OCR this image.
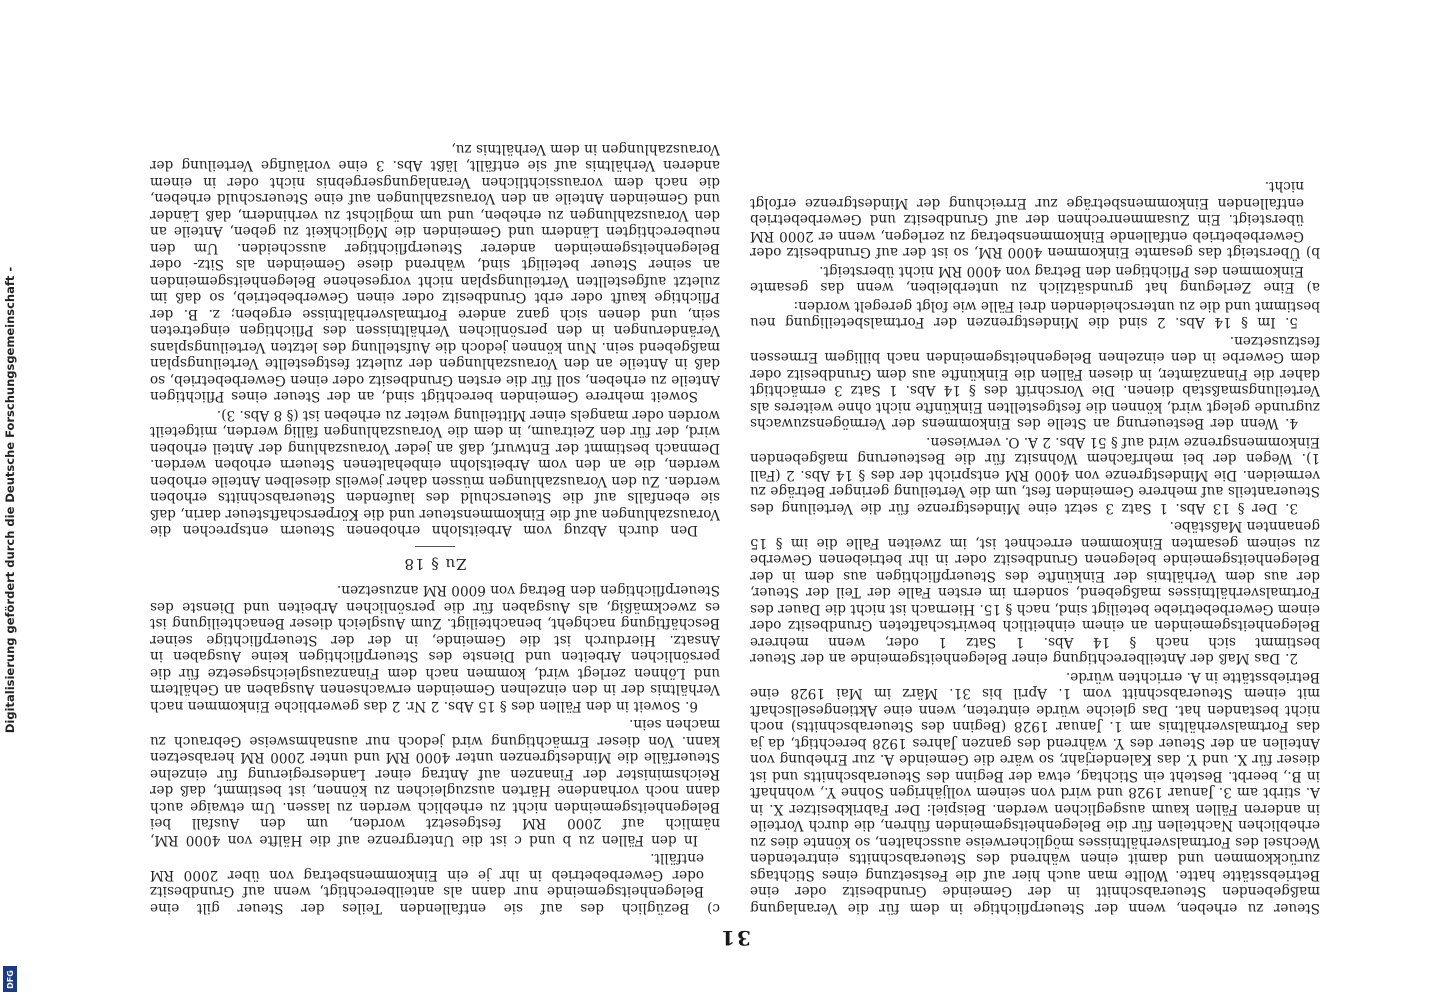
Digitalisierung gefördert durch die Deutsche Forschungsgemeinschaft -
DFG
31

Steuer zu erheben, wenn der Steuerpflichtige in dem für die Veranlagung maßgebenden Steuerabschnitt in der Gemeinde Grundbesitz oder eine Betriebsstätte hatte. Wollte man auch hier auf die Festsetzung eines Stichtags zurückkommen und damit einen während des Steuerabschnitts eintretenden Wechsel des Fortmalsverhältnisses möglicherweise ausschalten, so könnte dies zu erheblichen Nachteilen für die Belegenheitsgemeinden führen, die durch Vorteile in anderen Fällen kaum ausgeglichen werden. Beispiel: Der Fabrikbesitzer X. in A. stirbt am 3. Januar 1928 und wird von seinem volljährigen Sohne Y., wohnhaft in B., beerbt. Besteht ein Stichtag, etwa der Beginn des Steuerabschnitts und ist dieser für X. und Y. das Kalenderjahr, so wäre die Gemeinde A. zur Erhebung von Anteilen an der Steuer des Y. während des ganzen Jahres 1928 berechtigt, da ja das Fortmalsverhältnis am 1. Januar 1928 (Beginn des Steuerabschnitts) noch nicht bestanden hat. Das gleiche würde eintreten, wenn eine Aktiengesellschaft mit einem Steuerabschnitt vom 1. April bis 31. März im Mai 1928 eine Betriebsstätte in A. errichten würde.

2. Das Maß der Anteilberechtigung einer Belegenheitsgemeinde an der Steuer bestimmt sich nach § 14 Abs. 1 Satz 1 oder, wenn mehrere Belegenheitsgemeinden an einem einheitlich bewirtschafteten Grundbesitz oder einem Gewerbebetriebe beteiligt sind, nach § 15. Hiernach ist nicht die Dauer des Fortmalsverhältnisses maßgebend, sondern im ersten Falle der Teil der Steuer, der aus dem Verhältnis der Einkünfte des Steuerpflichtigen aus dem in der Belegenheitsgemeinde belegenen Grundbesitz oder in ihr betriebenen Gewerbe zu seinem gesamten Einkommen errechnet ist, im zweiten Falle die im § 15 genannten Maßstäbe.

3. Der § 13 Abs. 1 Satz 3 setzt eine Mindestgrenze für die Verteilung des Steueranteils auf mehrere Gemeinden fest, um die Verteilung geringer Beträge zu vermeiden. Die Mindestgrenze von 4000 RM entspricht der des § 14 Abs. 2 (Fall 1). Wegen der bei mehrfachem Wohnsitz für die Besteuerung maßgebenden Einkommensgrenze wird auf § 51 Abs. 2 A. O. verwiesen.

4. Wenn der Besteuerung an Stelle des Einkommens der Vermögenszuwachs zugrunde gelegt wird, können die festgestellten Einkünfte nicht ohne weiteres als Verteilungsmaßstab dienen. Die Vorschrift des § 14 Abs. 1 Satz 3 ermächtigt daher die Finanzämter, in diesen Fällen die Einkünfte aus dem Grundbesitz oder dem Gewerbe in den einzelnen Belegenheitsgemeinden nach billigem Ermessen festzusetzen.

5. Im § 14 Abs. 2 sind die Mindestgrenzen der Fortmalsbeteiligung neu bestimmt und die zu unterscheidenden drei Fälle wie folgt geregelt worden:

a) Eine Zerlegung hat grundsätzlich zu unterbleiben, wenn das gesamte Einkommen des Pflichtigen den Betrag von 4000 RM nicht übersteigt.

b) Übersteigt das gesamte Einkommen 4000 RM, so ist der auf Grundbesitz oder Gewerbebetrieb entfallende Einkommensbetrag zu zerlegen, wenn er 2000 RM übersteigt. Ein Zusammenrechnen der auf Grundbesitz und Gewerbebetrieb entfallenden Einkommensbeträge zur Erreichung der Mindestgrenze erfolgt nicht.

c) Bezüglich des auf sie entfallenden Teiles der Steuer gilt eine Belegenheitsgemeinde nur dann als anteilberechtigt, wenn auf Grundbesitz oder Gewerbebetrieb in ihr je ein Einkommensbetrag von über 2000 RM entfällt.

In den Fällen zu b und c ist die Untergrenze auf die Hälfte von 4000 RM, nämlich auf 2000 RM festgesetzt worden, um den Ausfall bei Belegenheitsgemeinden nicht zu erheblich werden zu lassen. Um etwaige auch dann noch vorhandene Härten auszugleichen zu können, ist bestimmt, daß der Reichsminister der Finanzen auf Antrag einer Landesregierung für einzelne Steuerfälle die Mindestgrenzen unter 4000 RM und unter 2000 RM herabsetzen kann. Von dieser Ermächtigung wird jedoch nur ausnahmsweise Gebrauch zu machen sein.

6. Soweit in den Fällen des § 15 Abs. 2 Nr. 2 das gewerbliche Einkommen nach Verhältnis der in den einzelnen Gemeinden erwachsenen Ausgaben an Gehältern und Löhnen zerlegt wird, kommen nach dem Finanzausgleichsgesetze für die persönlichen Arbeiten und Dienste des Steuerpflichtigen keine Ausgaben in Ansatz. Hierdurch ist die Gemeinde, in der der Steuerpflichtige seiner Beschäftigung nachgeht, benachteiligt. Zum Ausgleich dieser Benachteiligung ist es zweckmäßig, als Ausgaben für die persönlichen Arbeiten und Dienste des Steuerpflichtigen den Betrag von 6000 RM anzusetzen.

Zu § 18

Den durch Abzug vom Arbeitslohn erhobenen Steuern entsprechen die Vorauszahlungen auf die Einkommensteuer und die Körperschaftsteuer darin, daß sie ebenfalls auf die Steuerschuld des laufenden Steuerabschnitts erhoben werden. Zu den Vorauszahlungen müssen daher jeweils dieselben Anteile erhoben werden, die an den vom Arbeitslohn einbehaltenen Steuern erhoben werden. Demnach bestimmt der Entwurf, daß an jeder Vorauszahlung der Anteil erhoben wird, der für den Zeitraum, in dem die Vorauszahlungen fällig werden, mitgeteilt worden oder mangels einer Mitteilung weiter zu erheben ist (§ 8 Abs. 3).

Soweit mehrere Gemeinden berechtigt sind, an der Steuer eines Pflichtigen Anteile zu erheben, soll für die ersten Grundbesitz oder einen Gewerbebetrieb, so daß in Anteile an den Vorauszahlungen der zuletzt festgestellte Verteilungsplan maßgebend sein. Nun können jedoch die Aufstellung des letzten Verteilungsplans Veränderungen in den persönlichen Verhältnissen des Pflichtigen eingetreten sein, und denen sich ganz andere Fortmalsverhältnisse ergeben; z. B. der Pflichtige kauft oder erbt Grundbesitz oder einen Gewerbebetrieb, so daß im zuletzt aufgestellten Verteilungsplan nicht vorgesehene Belegenheitsgemeinden an seiner Steuer beteiligt sind, während diese Gemeinden als Sitz- oder Belegenheitsgemeinden anderer Steuerpflichtiger ausscheiden. Um den neuberechtigten Ländern und Gemeinden die Möglichkeit zu geben, Anteile an den Vorauszahlungen zu erheben, und um möglichst zu verhindern, daß Länder und Gemeinden Anteile an den Vorauszahlungen auf eine Steuerschuld erheben, die nach dem voraussichtlichen Veranlagungsergebnis nicht oder in einem anderen Verhältnis auf sie entfällt, läßt Abs. 3 eine vorläufige Verteilung der Vorauszahlungen in dem Verhältnis zu,
